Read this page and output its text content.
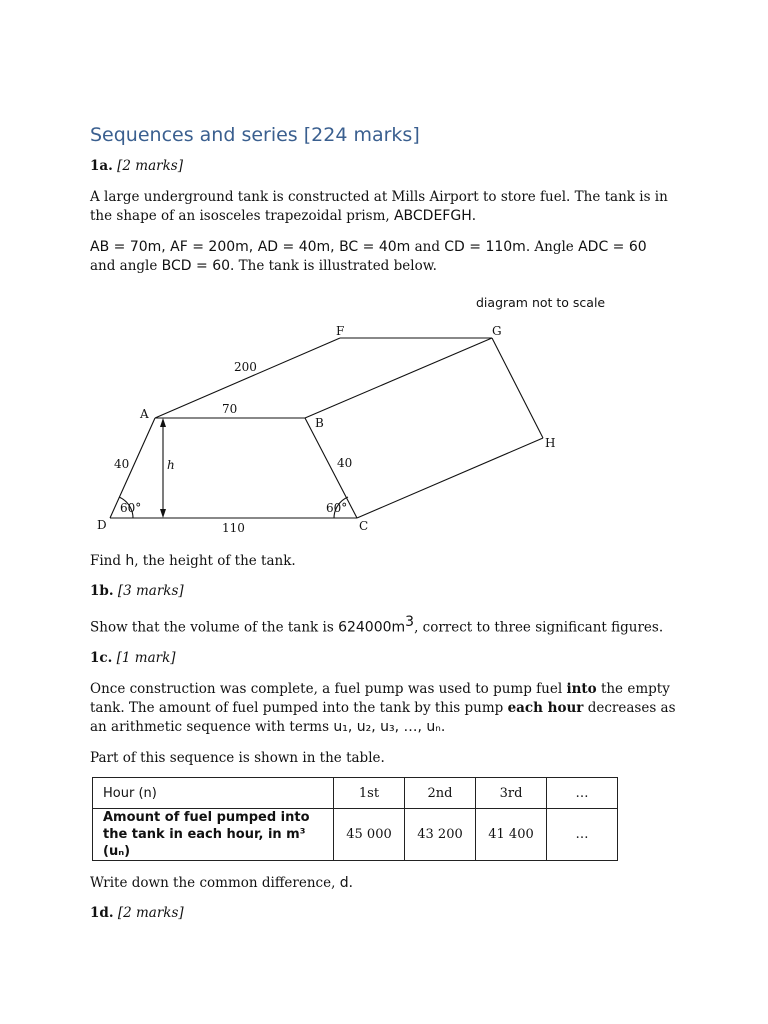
Sequences and series [224 marks]
1a. [2 marks]

A large underground tank is constructed at Mills Airport to store fuel. The tank is in the shape of an isosceles trapezoidal prism, ABCDEFGH.

AB = 70m, AF = 200m, AD = 40m, BC = 40m and CD = 110m. Angle ADC = 60
and angle BCD = 60. The tank is illustrated below.

diagram not to scale
F	G
H
A
B
C
D
h
200
70
40	40
110
60°	60°

Find h, the height of the tank.

1b. [3 marks]

Show that the volume of the tank is $624000m^3$, correct to three significant figures.

1c. [1 mark]

Once construction was complete, a fuel pump was used to pump fuel into the empty tank. The amount of fuel pumped into the tank by this pump each hour decreases as an arithmetic sequence with terms u₁, u₂, u₃, …, uₙ.

Part of this sequence is shown in the table.

Hour (n)	1st	2nd	3rd	…
Amount of fuel pumped into
the tank in each hour, in m³ (uₙ)	45 000	43 200	41 400	…

Write down the common difference, d.

1d. [2 marks]
